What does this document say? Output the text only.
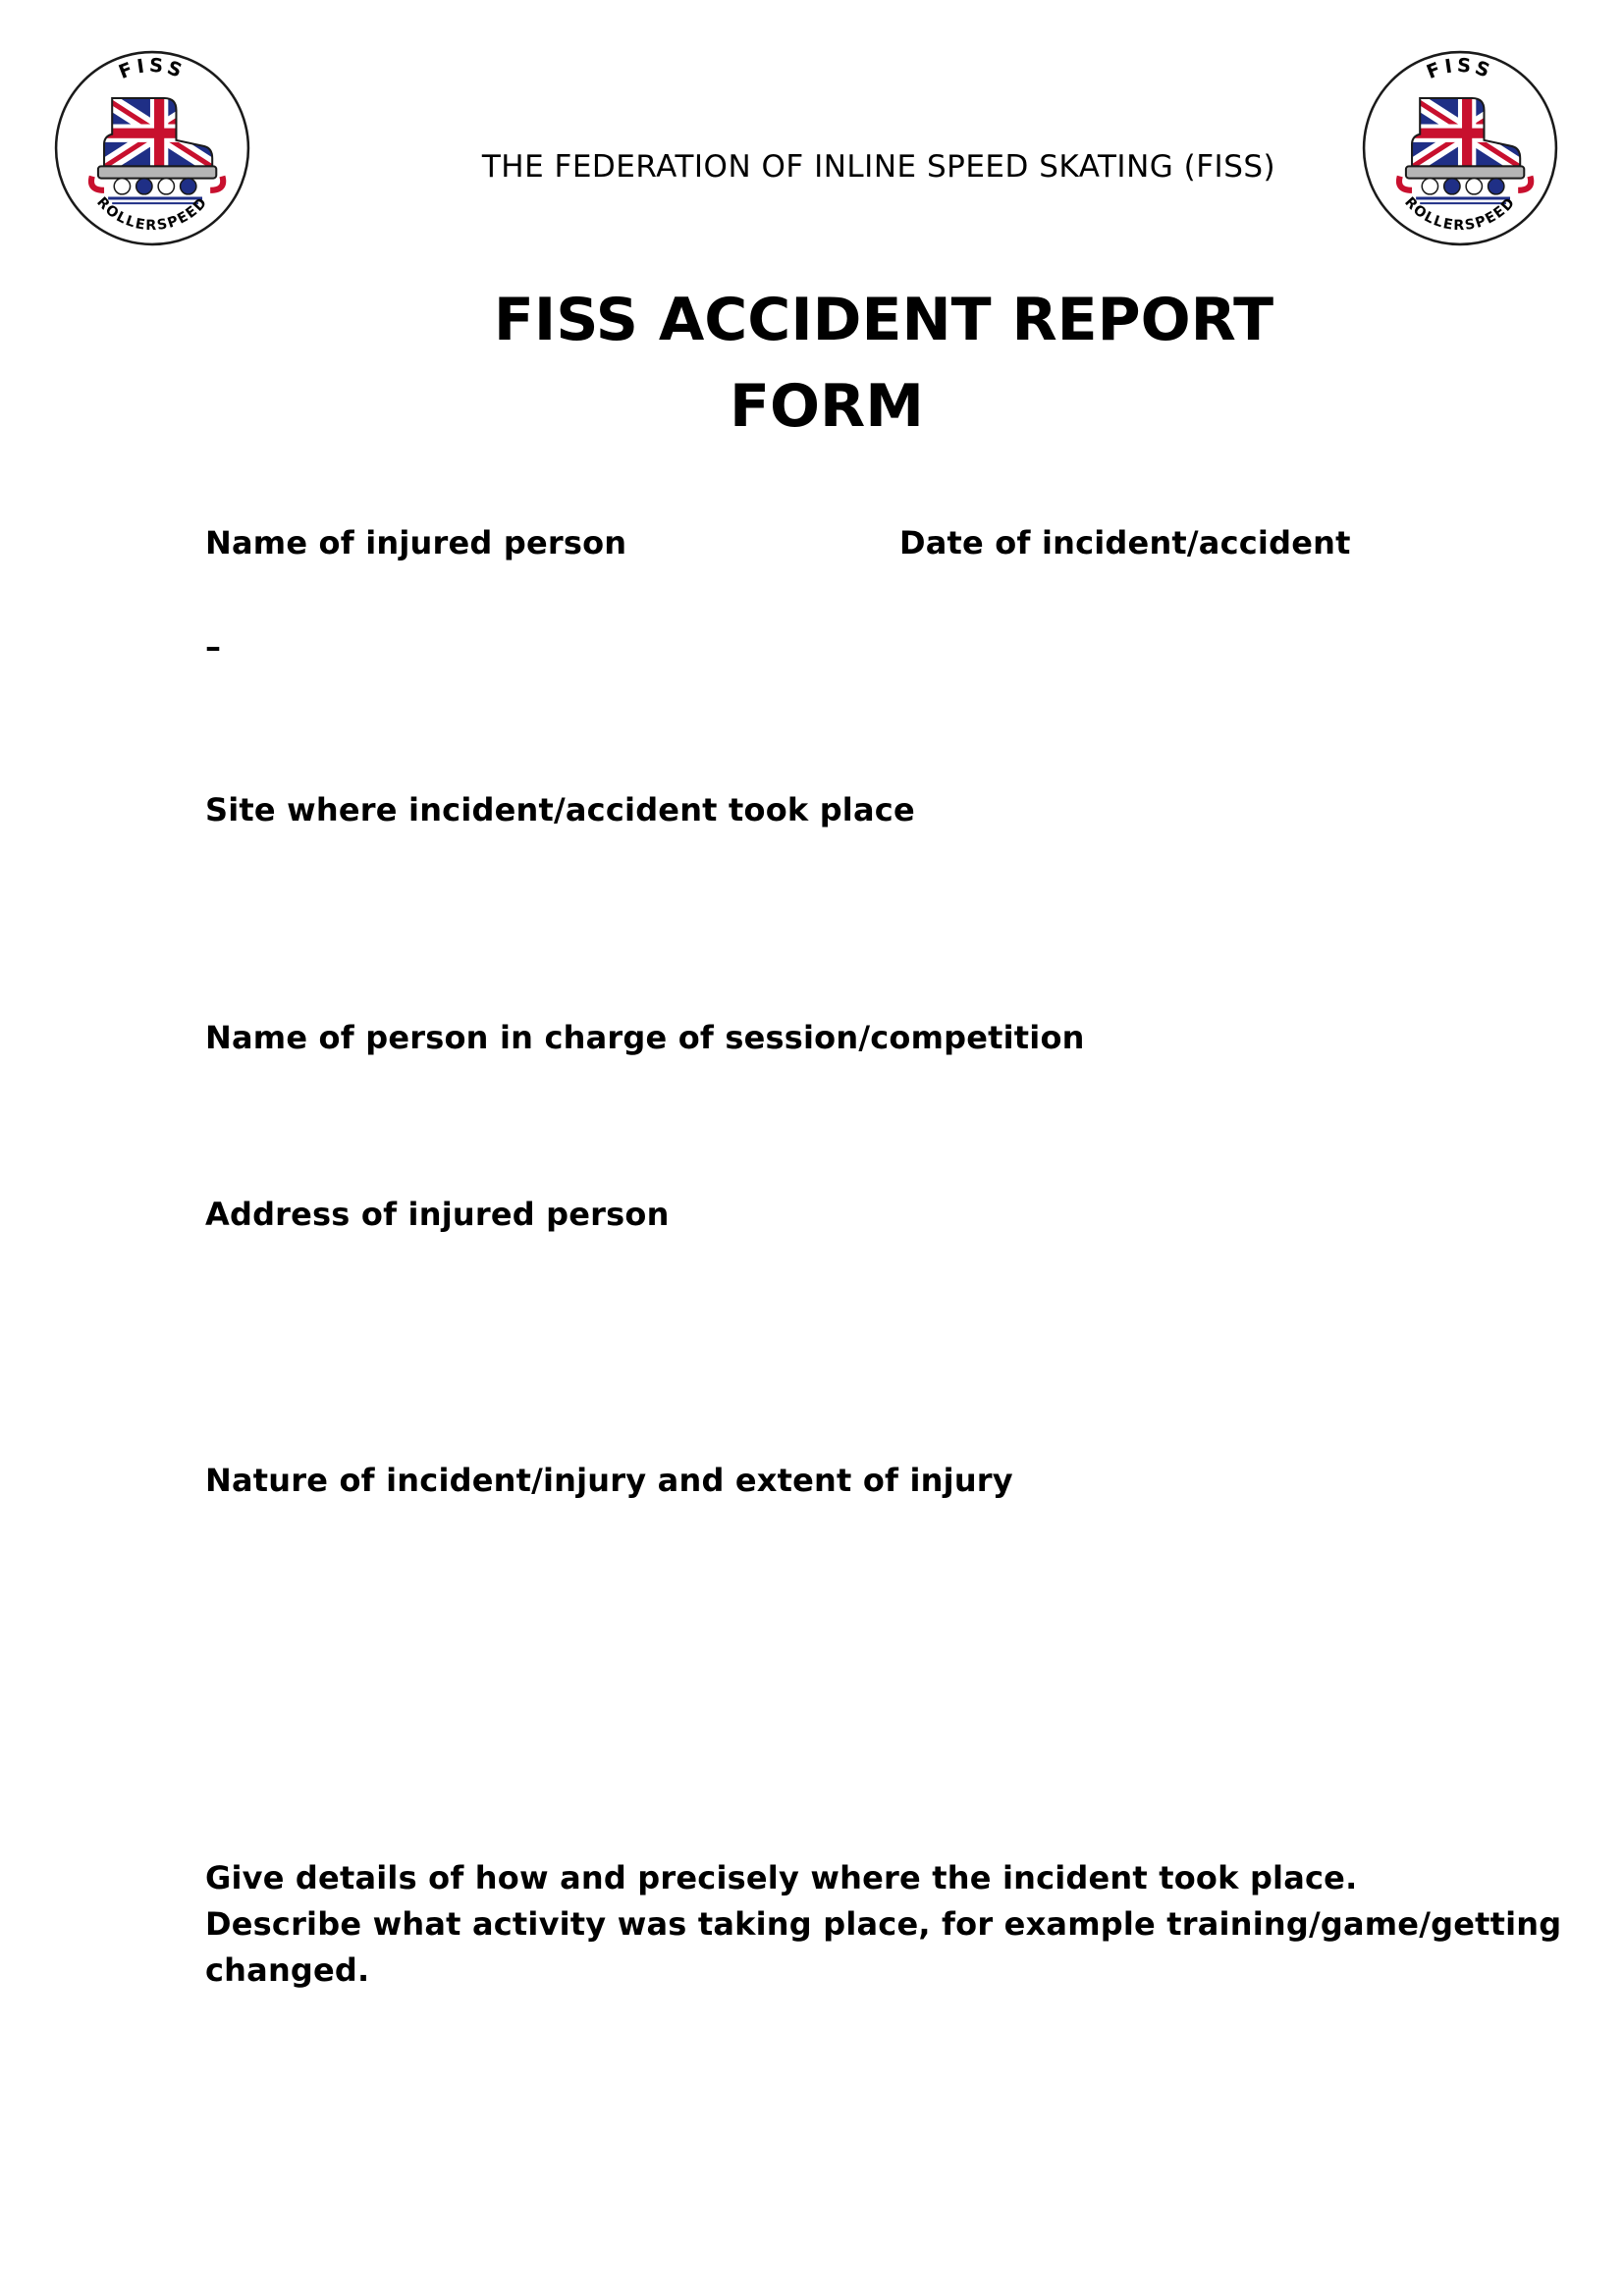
FISS
ROLLERSPEED
FISS
ROLLERSPEED
THE FEDERATION OF INLINE SPEED SKATING (FISS)
FISS ACCIDENT REPORT
FORM
Name of injured person	Date of incident/accident
–
Site where incident/accident took place
Name of person in charge of session/competition
Address of injured person
Nature of incident/injury and extent of injury
Give details of how and precisely where the incident took place.
Describe what activity was taking place, for example training/game/getting
changed.
